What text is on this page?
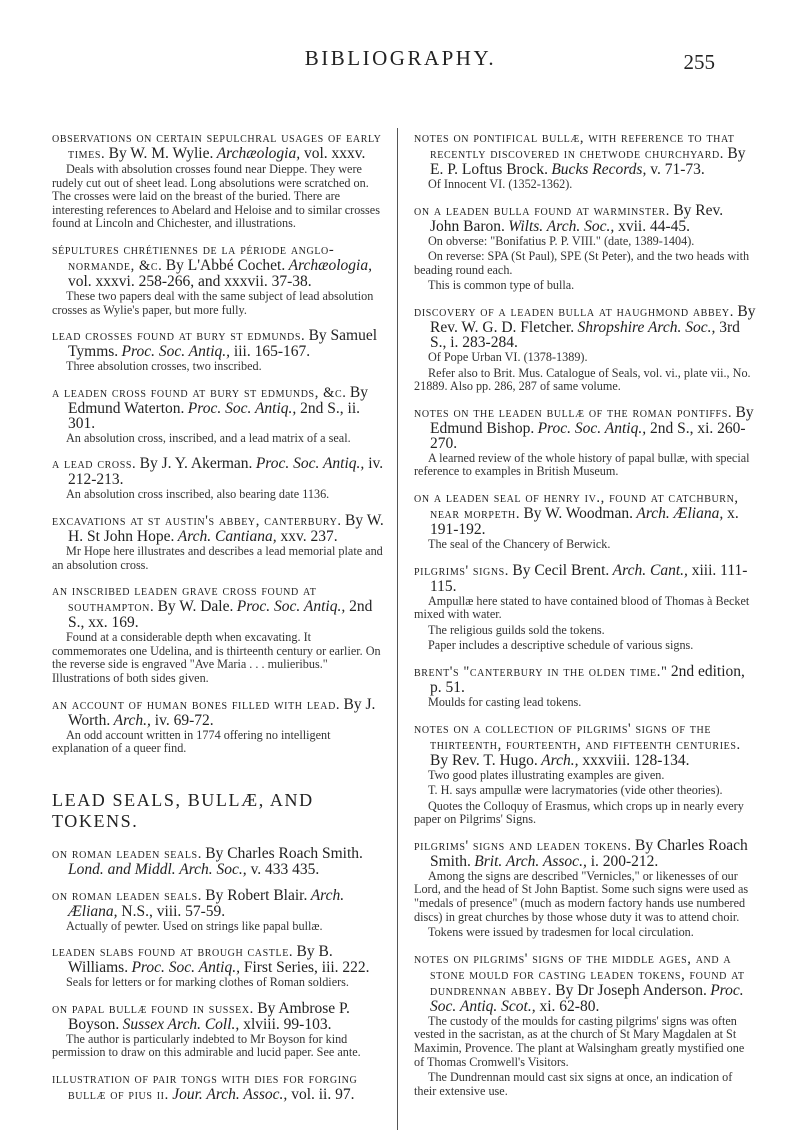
BIBLIOGRAPHY.	255
observations on certain sepulchral usages of early times. By W. M. Wylie. Archæologia, vol. xxxv.
Deals with absolution crosses found near Dieppe. They were rudely cut out of sheet lead. Long absolutions were scratched on. The crosses were laid on the breast of the buried. There are interesting references to Abelard and Heloise and to similar crosses found at Lincoln and Chichester, and illustrations.
sépultures chrétiennes de la période anglo-normande, &c. By L'Abbé Cochet. Archæologia, vol. xxxvi. 258-266, and xxxvii. 37-38.
These two papers deal with the same subject of lead absolution crosses as Wylie's paper, but more fully.
lead crosses found at bury st edmunds. By Samuel Tymms. Proc. Soc. Antiq., iii. 165-167.
Three absolution crosses, two inscribed.
a leaden cross found at bury st edmunds, &c. By Edmund Waterton. Proc. Soc. Antiq., 2nd S., ii. 301.
An absolution cross, inscribed, and a lead matrix of a seal.
a lead cross. By J. Y. Akerman. Proc. Soc. Antiq., iv. 212-213.
An absolution cross inscribed, also bearing date 1136.
excavations at st austin's abbey, canterbury. By W. H. St John Hope. Arch. Cantiana, xxv. 237.
Mr Hope here illustrates and describes a lead memorial plate and an absolution cross.
an inscribed leaden grave cross found at southampton. By W. Dale. Proc. Soc. Antiq., 2nd S., xx. 169.
Found at a considerable depth when excavating. It commemorates one Udelina, and is thirteenth century or earlier. On the reverse side is engraved "Ave Maria . . . mulieribus." Illustrations of both sides given.
an account of human bones filled with lead. By J. Worth. Arch., iv. 69-72.
An odd account written in 1774 offering no intelligent explanation of a queer find.
LEAD SEALS, BULLÆ, AND TOKENS.
on roman leaden seals. By Charles Roach Smith. Lond. and Middl. Arch. Soc., v. 433 435.
on roman leaden seals. By Robert Blair. Arch. Æliana, N.S., viii. 57-59.
Actually of pewter. Used on strings like papal bullæ.
leaden slabs found at brough castle. By B. Williams. Proc. Soc. Antiq., First Series, iii. 222.
Seals for letters or for marking clothes of Roman soldiers.
on papal bullæ found in sussex. By Ambrose P. Boyson. Sussex Arch. Coll., xlviii. 99-103.
The author is particularly indebted to Mr Boyson for kind permission to draw on this admirable and lucid paper. See ante.
illustration of pair tongs with dies for forging bullæ of pius ii. Jour. Arch. Assoc., vol. ii. 97.
notes on pontifical bullæ, with reference to that recently discovered in chetwode churchyard. By E. P. Loftus Brock. Bucks Records, v. 71-73.
Of Innocent VI. (1352-1362).
on a leaden bulla found at warminster. By Rev. John Baron. Wilts. Arch. Soc., xvii. 44-45.
On obverse: "Bonifatius P. P. VIII." (date, 1389-1404).
On reverse: SPA (St Paul), SPE (St Peter), and the two heads with beading round each.
This is common type of bulla.
discovery of a leaden bulla at haughmond abbey. By Rev. W. G. D. Fletcher. Shropshire Arch. Soc., 3rd S., i. 283-284.
Of Pope Urban VI. (1378-1389).
Refer also to Brit. Mus. Catalogue of Seals, vol. vi., plate vii., No. 21889. Also pp. 286, 287 of same volume.
notes on the leaden bullæ of the roman pontiffs. By Edmund Bishop. Proc. Soc. Antiq., 2nd S., xi. 260-270.
A learned review of the whole history of papal bullæ, with special reference to examples in British Museum.
on a leaden seal of henry iv., found at catchburn, near morpeth. By W. Woodman. Arch. Æliana, x. 191-192.
The seal of the Chancery of Berwick.
pilgrims' signs. By Cecil Brent. Arch. Cant., xiii. 111-115.
Ampullæ here stated to have contained blood of Thomas à Becket mixed with water.
The religious guilds sold the tokens.
Paper includes a descriptive schedule of various signs.
brent's "canterbury in the olden time." 2nd edition, p. 51.
Moulds for casting lead tokens.
notes on a collection of pilgrims' signs of the thirteenth, fourteenth, and fifteenth centuries. By Rev. T. Hugo. Arch., xxxviii. 128-134.
Two good plates illustrating examples are given.
T. H. says ampullæ were lacrymatories (vide other theories).
Quotes the Colloquy of Erasmus, which crops up in nearly every paper on Pilgrims' Signs.
pilgrims' signs and leaden tokens. By Charles Roach Smith. Brit. Arch. Assoc., i. 200-212.
Among the signs are described "Vernicles," or likenesses of our Lord, and the head of St John Baptist. Some such signs were used as "medals of presence" (much as modern factory hands use numbered discs) in great churches by those whose duty it was to attend choir.
Tokens were issued by tradesmen for local circulation.
notes on pilgrims' signs of the middle ages, and a stone mould for casting leaden tokens, found at dundrennan abbey. By Dr Joseph Anderson. Proc. Soc. Antiq. Scot., xi. 62-80.
The custody of the moulds for casting pilgrims' signs was often vested in the sacristan, as at the church of St Mary Magdalen at St Maximin, Provence. The plant at Walsingham greatly mystified one of Thomas Cromwell's Visitors.
The Dundrennan mould cast six signs at once, an indication of their extensive use.
